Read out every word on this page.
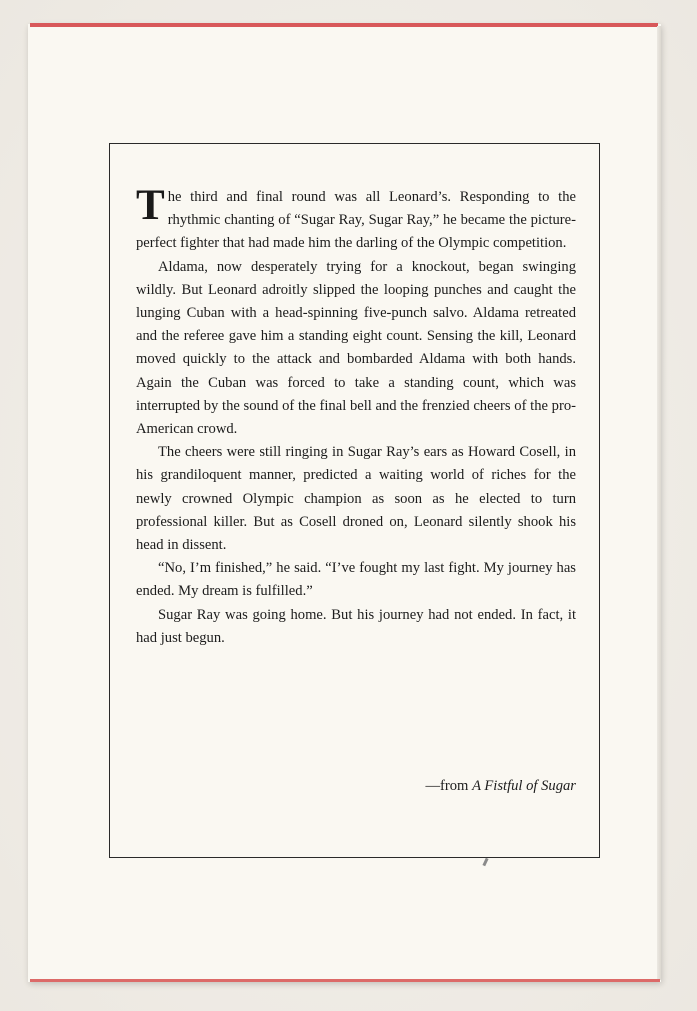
The third and final round was all Leonard’s. Responding to the rhythmic chanting of “Sugar Ray, Sugar Ray,” he became the picture-perfect fighter that had made him the darling of the Olympic competition.

Aldama, now desperately trying for a knockout, began swinging wildly. But Leonard adroitly slipped the looping punches and caught the lunging Cuban with a head-spinning five-punch salvo. Aldama retreated and the referee gave him a standing eight count. Sensing the kill, Leonard moved quickly to the attack and bombarded Aldama with both hands. Again the Cuban was forced to take a standing count, which was interrupted by the sound of the final bell and the frenzied cheers of the pro-American crowd.

The cheers were still ringing in Sugar Ray’s ears as Howard Cosell, in his grandiloquent manner, predicted a waiting world of riches for the newly crowned Olympic champion as soon as he elected to turn professional killer. But as Cosell droned on, Leonard silently shook his head in dissent.

“No, I’m finished,” he said. “I’ve fought my last fight. My journey has ended. My dream is fulfilled.”

Sugar Ray was going home. But his journey had not ended. In fact, it had just begun.

—from A Fistful of Sugar
